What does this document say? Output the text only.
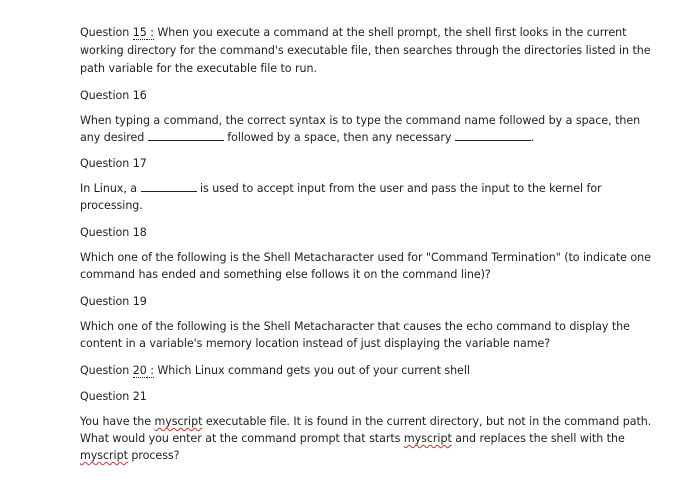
Question 15 : When you execute a command at the shell prompt, the shell first looks in the current
working directory for the command's executable file, then searches through the directories listed in the
path variable for the executable file to run.
Question 16
When typing a command, the correct syntax is to type the command name followed by a space, then
any desired	followed by a space, then any necessary	.
Question 17
In Linux, a	is used to accept input from the user and pass the input to the kernel for
processing.
Question 18
Which one of the following is the Shell Metacharacter used for "Command Termination" (to indicate one
command has ended and something else follows it on the command line)?
Question 19
Which one of the following is the Shell Metacharacter that causes the echo command to display the
content in a variable's memory location instead of just displaying the variable name?
Question 20 : Which Linux command gets you out of your current shell
Question 21
You have the myscript executable file. It is found in the current directory, but not in the command path.
What would you enter at the command prompt that starts myscript and replaces the shell with the
myscript process?
